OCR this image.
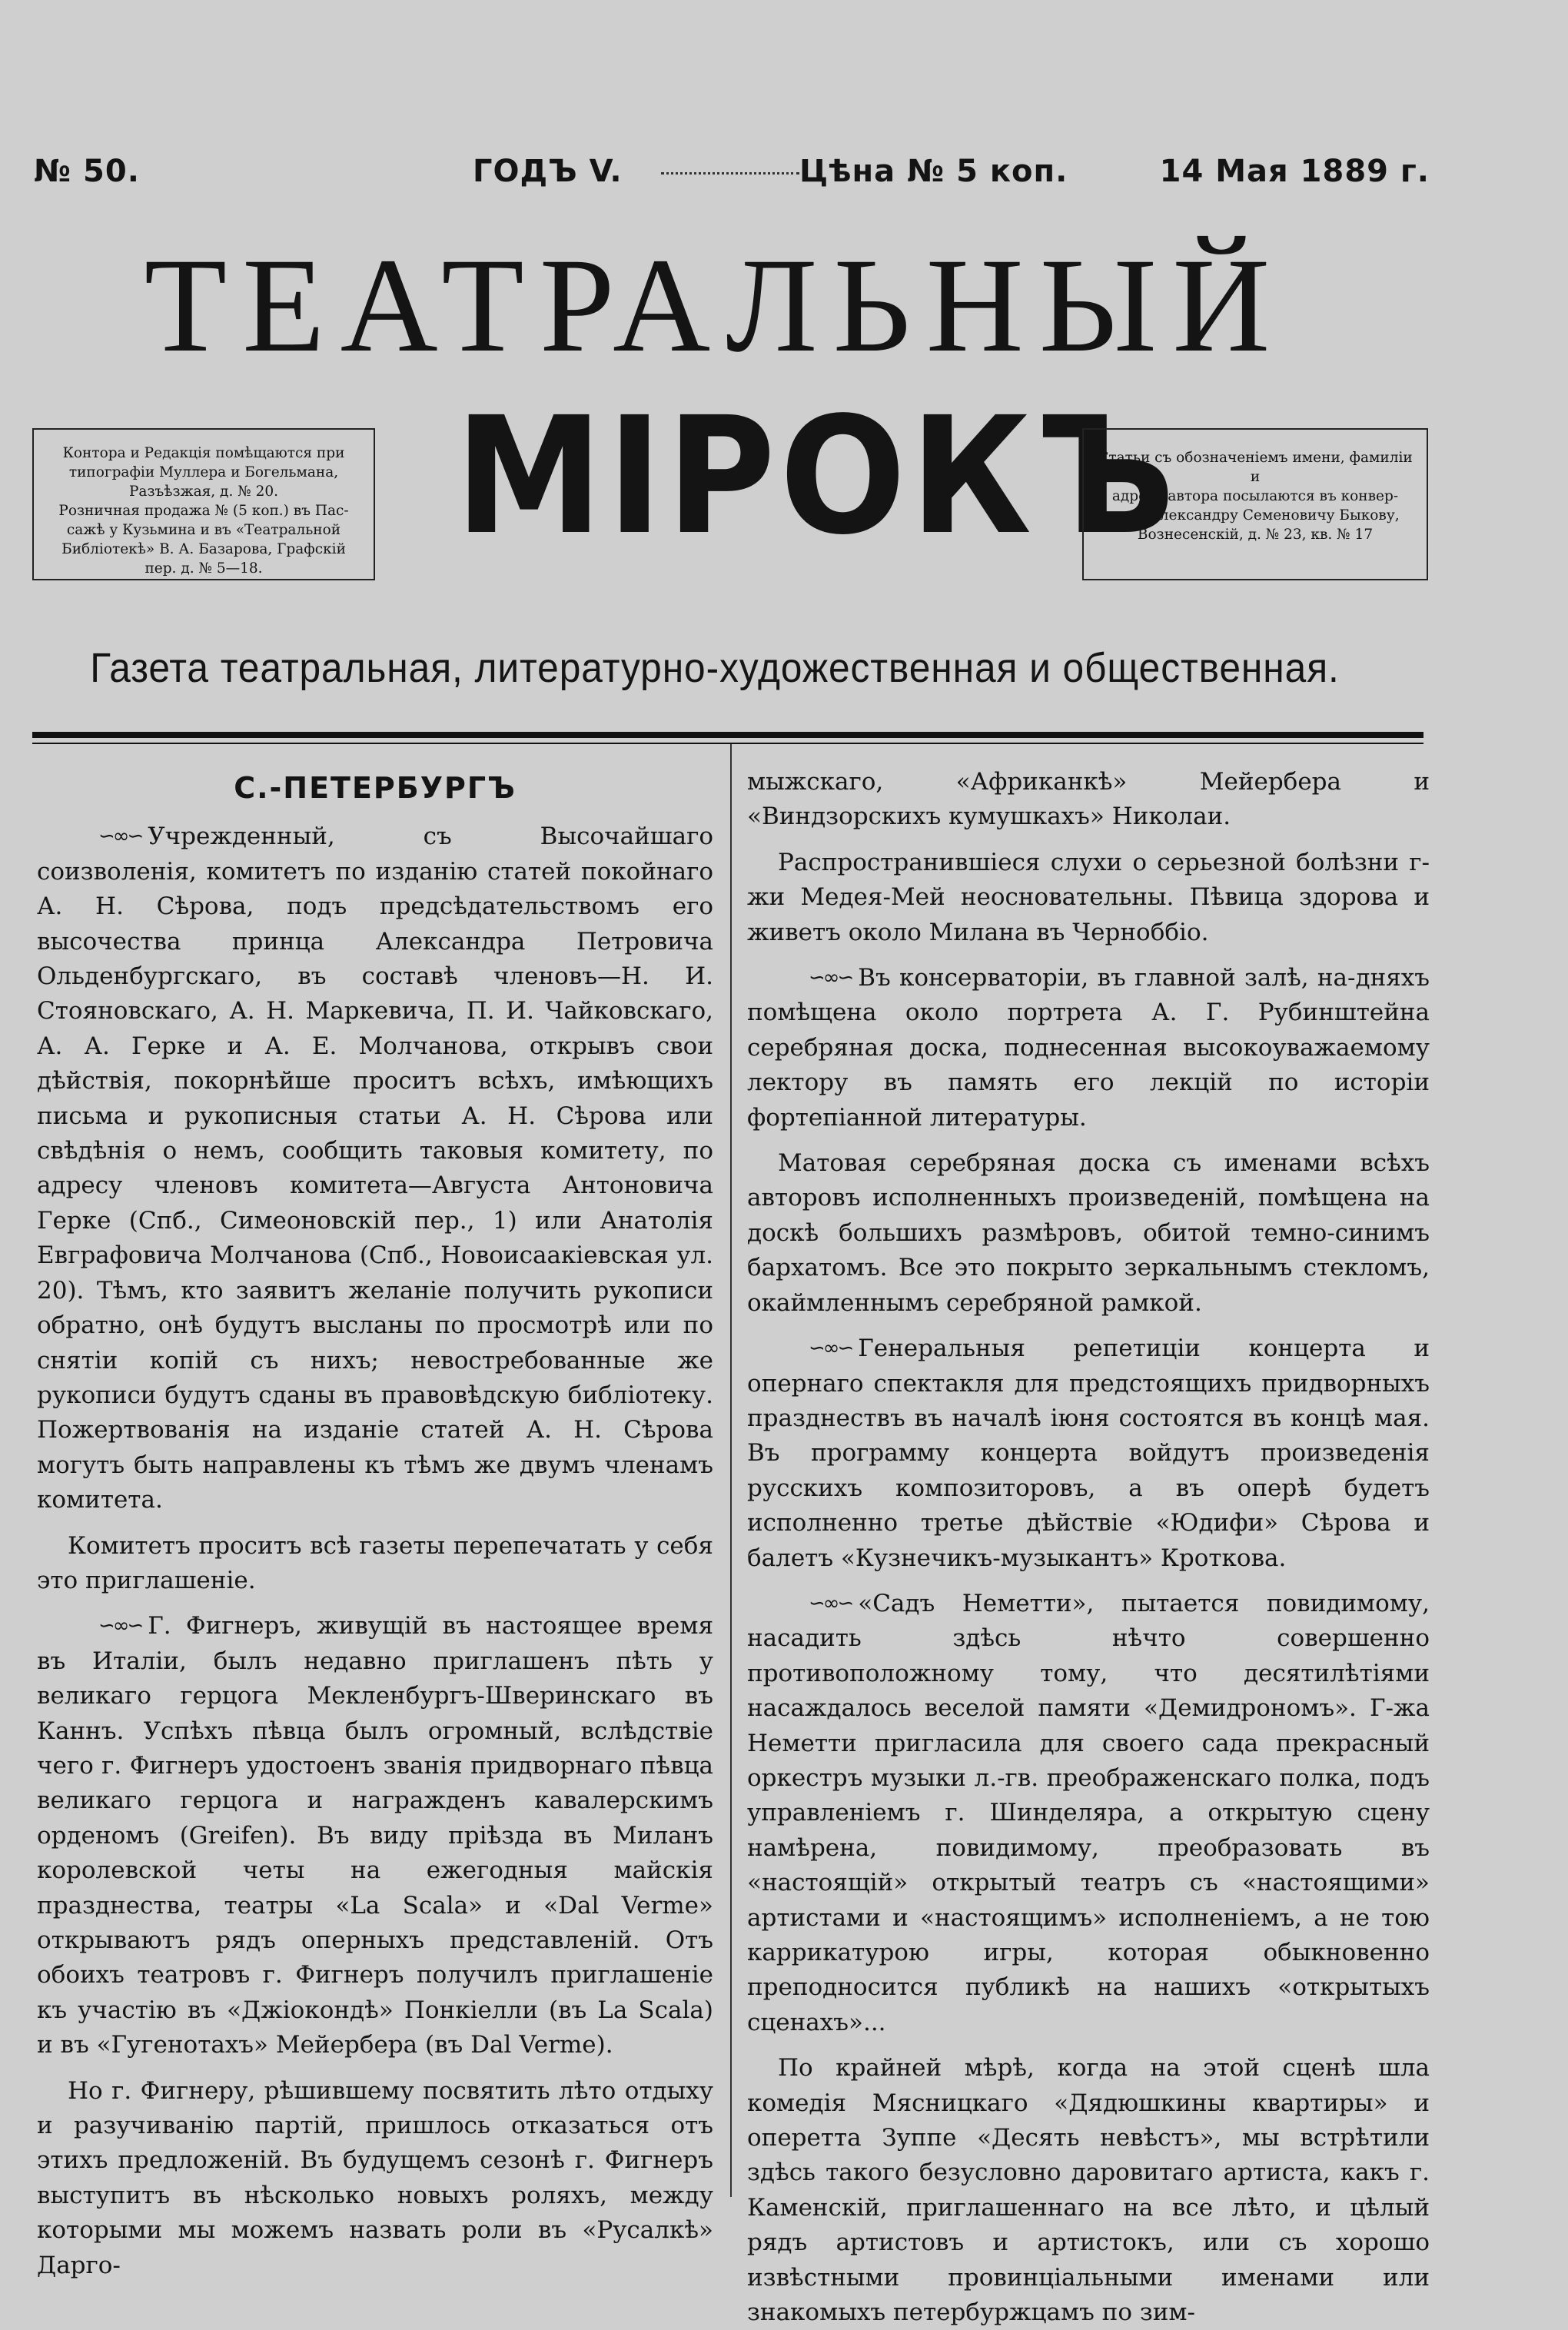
№ 50.	ГОДЪ V.	Цѣна № 5 коп.	14 Мая 1889 г.
ТЕАТРАЛЬНЫЙ
МІРОКЪ

Контора и Редакція помѣщаются при

типографіи Муллера и Богельмана,

Разъѣзжая, д. № 20.

Розничная продажа № (5 коп.) въ Пас-

сажѣ у Кузьмина и въ «Театральной

Библіотекѣ» В. А. Базарова, Графскій

пер. д. № 5—18.

Статьи съ обозначеніемъ имени, фамиліи и

адреса автора посылаются въ конвер-

тахъ Александру Семеновичу Быкову,

Вознесенскій, д. № 23, кв. № 17

Газета театральная, литературно-художественная и общественная.
С.-ПЕТЕРБУРГЪ

∽∞∽ Учрежденный, съ Высочайшаго соизволенія, комитетъ по изданію статей покойнаго А. Н. Сѣрова, подъ предсѣдательствомъ его высочества принца Александра Петровича Ольденбургскаго, въ составѣ членовъ—Н. И. Стояновскаго, А. Н. Маркевича, П. И. Чайковскаго, А. А. Герке и А. Е. Молчанова, открывъ свои дѣйствія, покорнѣйше проситъ всѣхъ, имѣющихъ письма и рукописныя статьи А. Н. Сѣрова или свѣдѣнія о немъ, сообщить таковыя комитету, по адресу членовъ комитета—Августа Антоновича Герке (Спб., Симеоновскій пер., 1) или Анатолія Евграфовича Молчанова (Спб., Новоисаакіевская ул. 20). Тѣмъ, кто заявитъ желаніе получить рукописи обратно, онѣ будутъ высланы по просмотрѣ или по снятіи копій съ нихъ; невостребованные же рукописи будутъ сданы въ правовѣдскую библіотеку. Пожертвованія на изданіе статей А. Н. Сѣрова могутъ быть направлены къ тѣмъ же двумъ членамъ комитета.

Комитетъ проситъ всѣ газеты перепечатать у себя это приглашеніе.

∽∞∽ Г. Фигнеръ, живущій въ настоящее время въ Италіи, былъ недавно приглашенъ пѣть у великаго герцога Мекленбургъ-Шверинскаго въ Каннъ. Успѣхъ пѣвца былъ огромный, вслѣдствіе чего г. Фигнеръ удостоенъ званія придворнаго пѣвца великаго герцога и награжденъ кавалерскимъ орденомъ (Greifen). Въ виду пріѣзда въ Миланъ королевской четы на ежегодныя майскія празднества, театры «La Scala» и «Dal Verme» открываютъ рядъ оперныхъ представленій. Отъ обоихъ театровъ г. Фигнеръ получилъ приглашеніе къ участію въ «Джіокондѣ» Понкіелли (въ La Scala) и въ «Гугенотахъ» Мейербера (въ Dal Verme).

Но г. Фигнеру, рѣшившему посвятить лѣто отдыху и разучиванію партій, пришлось отказаться отъ этихъ предложеній. Въ будущемъ сезонѣ г. Фигнеръ выступитъ въ нѣсколько новыхъ роляхъ, между которыми мы можемъ назвать роли въ «Русалкѣ» Дарго-

мыжскаго, «Африканкѣ» Мейербера и «Виндзорскихъ кумушкахъ» Николаи.

Распространившіеся слухи о серьезной болѣзни г-жи Медея-Мей неосновательны. Пѣвица здорова и живетъ около Милана въ Черноббіо.

∽∞∽ Въ консерваторіи, въ главной залѣ, на-дняхъ помѣщена около портрета А. Г. Рубинштейна серебряная доска, поднесенная высокоуважаемому лектору въ память его лекцій по исторіи фортепіанной литературы.

Матовая серебряная доска съ именами всѣхъ авторовъ исполненныхъ произведеній, помѣщена на доскѣ большихъ размѣровъ, обитой темно-синимъ бархатомъ. Все это покрыто зеркальнымъ стекломъ, окаймленнымъ серебряной рамкой.

∽∞∽ Генеральныя репетиціи концерта и опернаго спектакля для предстоящихъ придворныхъ празднествъ въ началѣ іюня состоятся въ концѣ мая. Въ программу концерта войдутъ произведенія русскихъ композиторовъ, а въ оперѣ будетъ исполненно третье дѣйствіе «Юдифи» Сѣрова и балетъ «Кузнечикъ-музыкантъ» Кроткова.

∽∞∽ «Садъ Неметти», пытается повидимому, насадить здѣсь нѣчто совершенно противоположному тому, что десятилѣтіями насаждалось веселой памяти «Демидрономъ». Г-жа Неметти пригласила для своего сада прекрасный оркестръ музыки л.-гв. преображенскаго полка, подъ управленіемъ г. Шинделяра, а открытую сцену намѣрена, повидимому, преобразовать въ «настоящій» открытый театръ съ «настоящими» артистами и «настоящимъ» исполненіемъ, а не тою каррикатурою игры, которая обыкновенно преподносится публикѣ на нашихъ «открытыхъ сценахъ»...

По крайней мѣрѣ, когда на этой сценѣ шла комедія Мясницкаго «Дядюшкины квартиры» и оперетта Зуппе «Десять невѣстъ», мы встрѣтили здѣсь такого безусловно даровитаго артиста, какъ г. Каменскій, приглашеннаго на все лѣто, и цѣлый рядъ артистовъ и артистокъ, или съ хорошо извѣстными провинціальными именами или знакомыхъ петербуржцамъ по зим-
